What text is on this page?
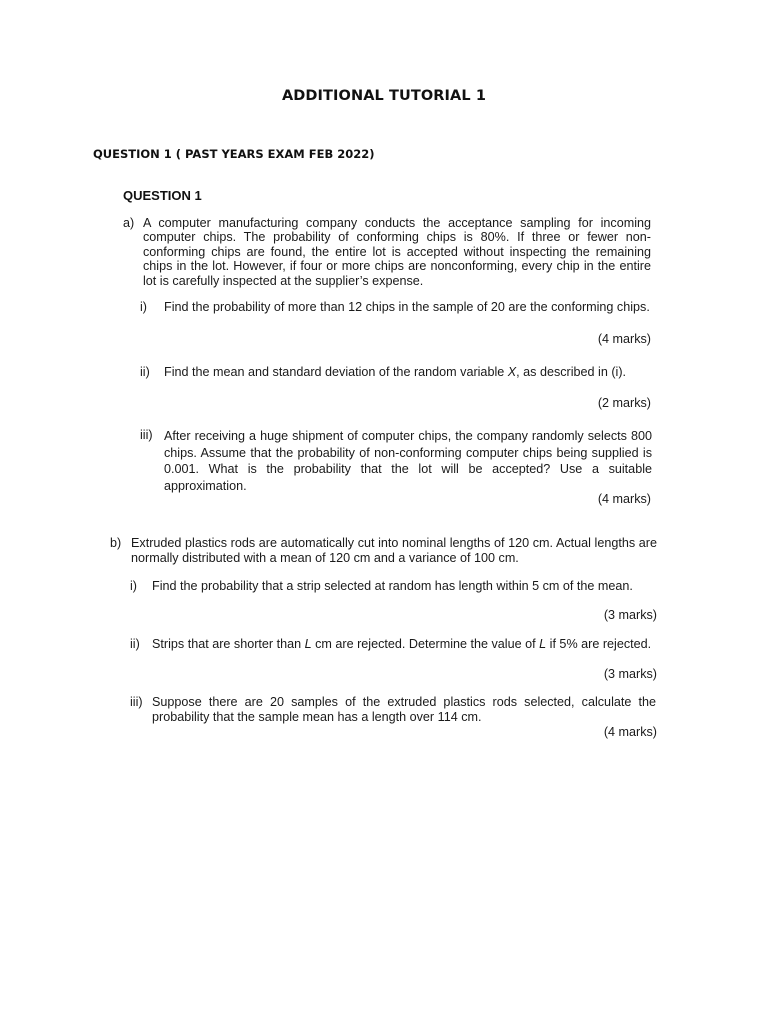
ADDITIONAL TUTORIAL 1
QUESTION 1 ( PAST YEARS EXAM FEB 2022)
QUESTION 1
a) A computer manufacturing company conducts the acceptance sampling for incoming computer chips. The probability of conforming chips is 80%. If three or fewer non-conforming chips are found, the entire lot is accepted without inspecting the remaining chips in the lot. However, if four or more chips are nonconforming, every chip in the entire lot is carefully inspected at the supplier’s expense.
i) Find the probability of more than 12 chips in the sample of 20 are the conforming chips.
(4 marks)
ii) Find the mean and standard deviation of the random variable X, as described in (i).
(2 marks)
iii) After receiving a huge shipment of computer chips, the company randomly selects 800 chips. Assume that the probability of non-conforming computer chips being supplied is 0.001. What is the probability that the lot will be accepted? Use a suitable approximation.
(4 marks)
b) Extruded plastics rods are automatically cut into nominal lengths of 120 cm. Actual lengths are normally distributed with a mean of 120 cm and a variance of 100 cm.
i) Find the probability that a strip selected at random has length within 5 cm of the mean.
(3 marks)
ii) Strips that are shorter than L cm are rejected. Determine the value of L if 5% are rejected.
(3 marks)
iii) Suppose there are 20 samples of the extruded plastics rods selected, calculate the probability that the sample mean has a length over 114 cm.
(4 marks)
